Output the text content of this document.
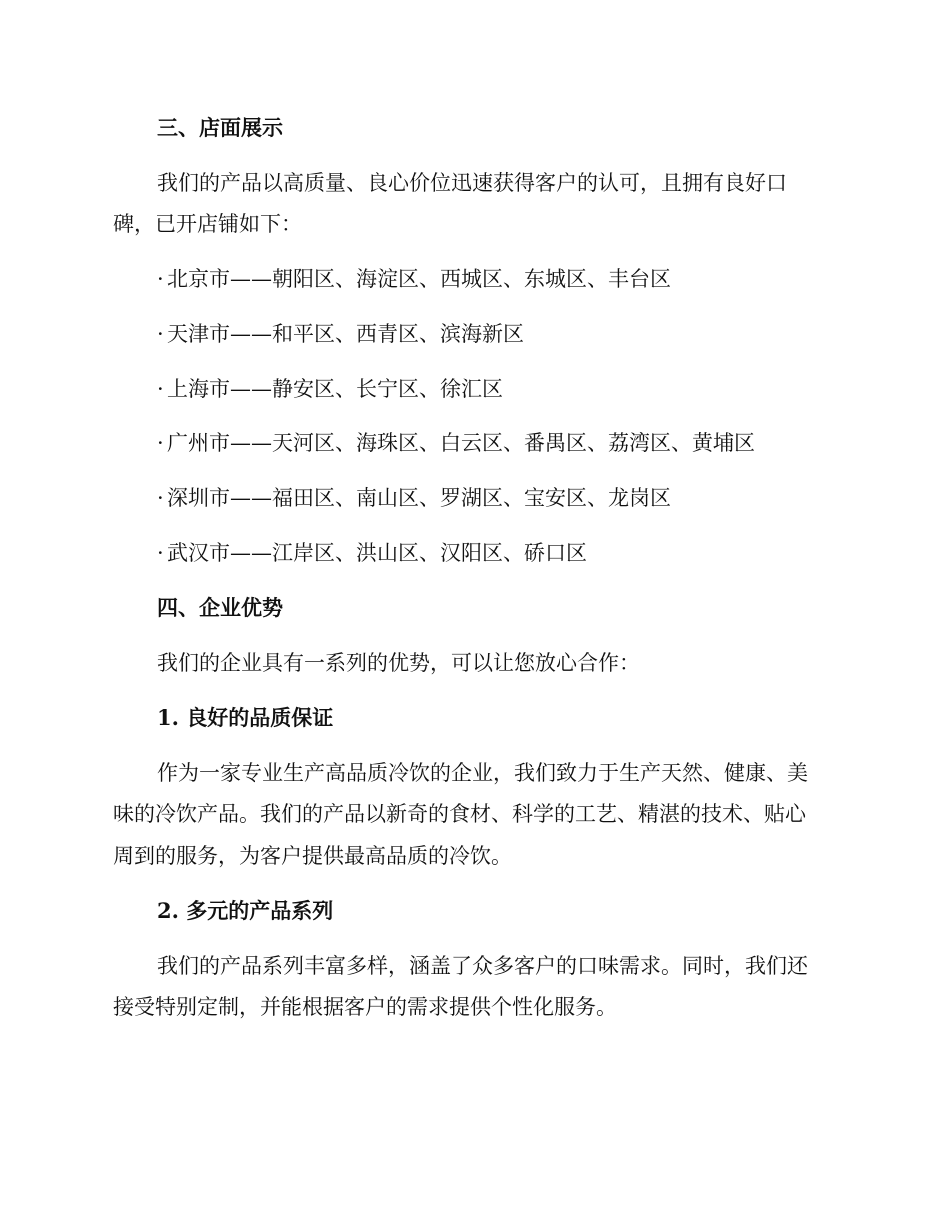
三、店面展示
我们的产品以高质量、良心价位迅速获得客户的认可，且拥有良好口
碑，已开店铺如下：
· 北京市——朝阳区、海淀区、西城区、东城区、丰台区
· 天津市——和平区、西青区、滨海新区
· 上海市——静安区、长宁区、徐汇区
· 广州市——天河区、海珠区、白云区、番禺区、荔湾区、黄埔区
· 深圳市——福田区、南山区、罗湖区、宝安区、龙岗区
· 武汉市——江岸区、洪山区、汉阳区、硚口区
四、企业优势
我们的企业具有一系列的优势，可以让您放心合作：
1. 良好的品质保证
作为一家专业生产高品质冷饮的企业，我们致力于生产天然、健康、美
味的冷饮产品。我们的产品以新奇的食材、科学的工艺、精湛的技术、贴心
周到的服务，为客户提供最高品质的冷饮。
2. 多元的产品系列
我们的产品系列丰富多样，涵盖了众多客户的口味需求。同时，我们还
接受特别定制，并能根据客户的需求提供个性化服务。
